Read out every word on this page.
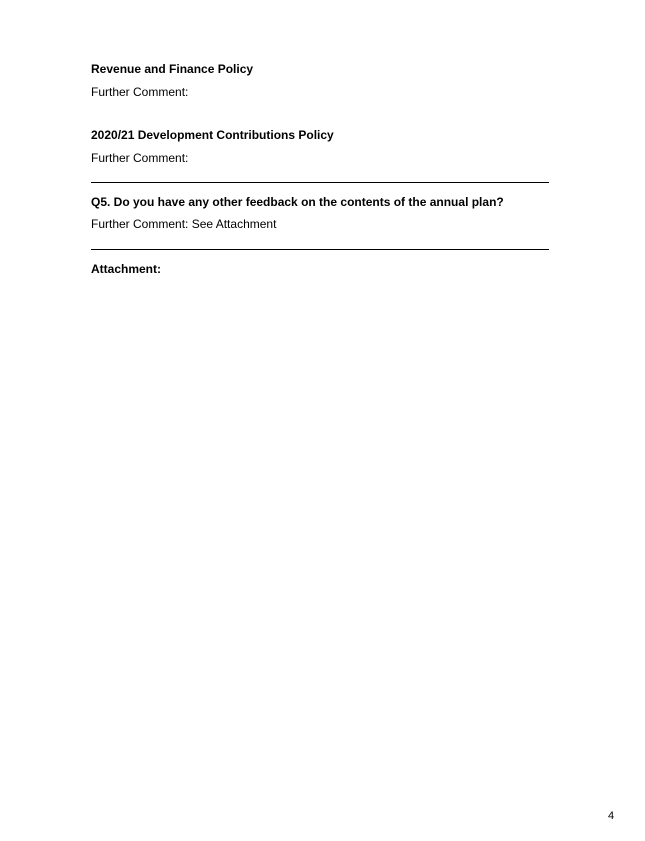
Revenue and Finance Policy
Further Comment:
2020/21 Development Contributions Policy
Further Comment:
Q5. Do you have any other feedback on the contents of the annual plan?
Further Comment: See Attachment
Attachment:
4
